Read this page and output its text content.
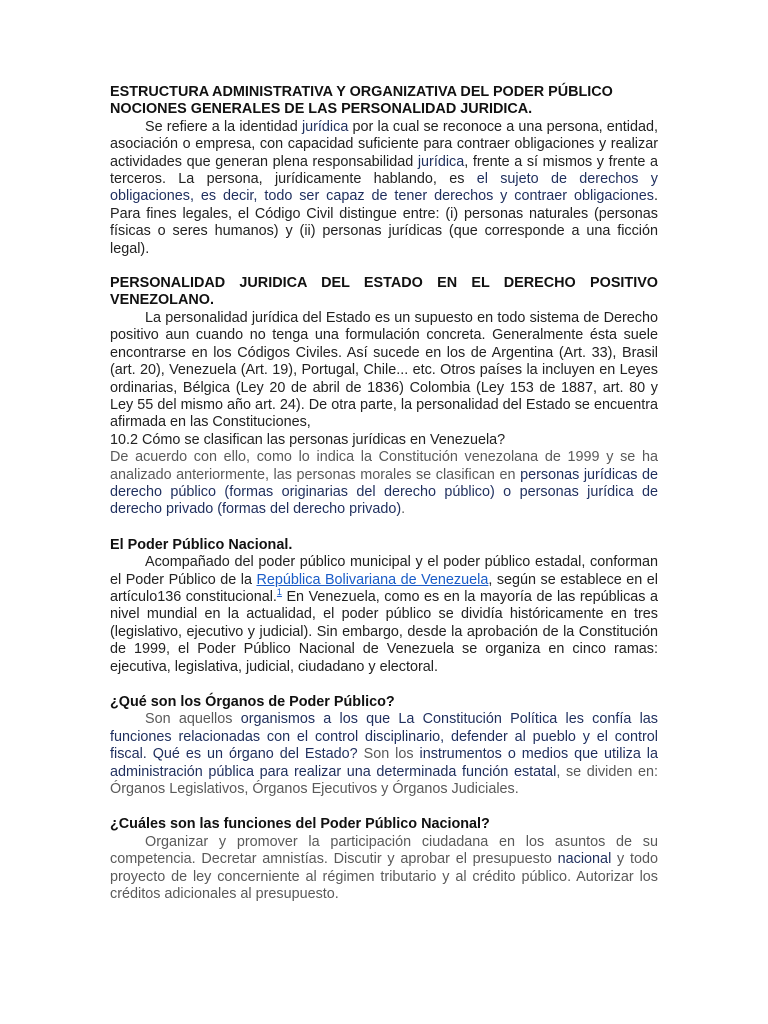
ESTRUCTURA ADMINISTRATIVA Y ORGANIZATIVA DEL PODER PÚBLICO
NOCIONES GENERALES DE LAS PERSONALIDAD JURIDICA.

Se refiere a la identidad jurídica por la cual se reconoce a una persona, entidad, asociación o empresa, con capacidad suficiente para contraer obligaciones y realizar actividades que generan plena responsabilidad jurídica, frente a sí mismos y frente a terceros. La persona, jurídicamente hablando, es el sujeto de derechos y obligaciones, es decir, todo ser capaz de tener derechos y contraer obligaciones. Para fines legales, el Código Civil distingue entre: (i) personas naturales (personas físicas o seres humanos) y (ii) personas jurídicas (que corresponde a una ficción legal).

PERSONALIDAD JURIDICA DEL ESTADO EN EL DERECHO POSITIVO VENEZOLANO.

La personalidad jurídica del Estado es un supuesto en todo sistema de Derecho positivo aun cuando no tenga una formulación concreta. Generalmente ésta suele encontrarse en los Códigos Civiles. Así sucede en los de Argentina (Art. 33), Brasil (art. 20), Venezuela (Art. 19), Portugal, Chile... etc. Otros países la incluyen en Leyes ordinarias, Bélgica (Ley 20 de abril de 1836) Colombia (Ley 153 de 1887, art. 80 y Ley 55 del mismo año art. 24). De otra parte, la personalidad del Estado se encuentra afirmada en las Constituciones,

10.2 Cómo se clasifican las personas jurídicas en Venezuela?

De acuerdo con ello, como lo indica la Constitución venezolana de 1999 y se ha analizado anteriormente, las personas morales se clasifican en personas jurídicas de derecho público (formas originarias del derecho público) o personas jurídica de derecho privado (formas del derecho privado).

El Poder Público Nacional.

Acompañado del poder público municipal y el poder público estadal, conforman el Poder Público de la República Bolivariana de Venezuela, según se establece en el artículo136 constitucional.$^1$ En Venezuela, como es en la mayoría de las repúblicas a nivel mundial en la actualidad, el poder público se dividía históricamente en tres (legislativo, ejecutivo y judicial). Sin embargo, desde la aprobación de la Constitución de 1999, el Poder Público Nacional de Venezuela se organiza en cinco ramas: ejecutiva, legislativa, judicial, ciudadano y electoral.

¿Qué son los Órganos de Poder Público?

Son aquellos organismos a los que La Constitución Política les confía las funciones relacionadas con el control disciplinario, defender al pueblo y el control fiscal. Qué es un órgano del Estado? Son los instrumentos o medios que utiliza la administración pública para realizar una determinada función estatal, se dividen en: Órganos Legislativos, Órganos Ejecutivos y Órganos Judiciales.

¿Cuáles son las funciones del Poder Público Nacional?

Organizar y promover la participación ciudadana en los asuntos de su competencia. Decretar amnistías. Discutir y aprobar el presupuesto nacional y todo proyecto de ley concerniente al régimen tributario y al crédito público. Autorizar los créditos adicionales al presupuesto.
